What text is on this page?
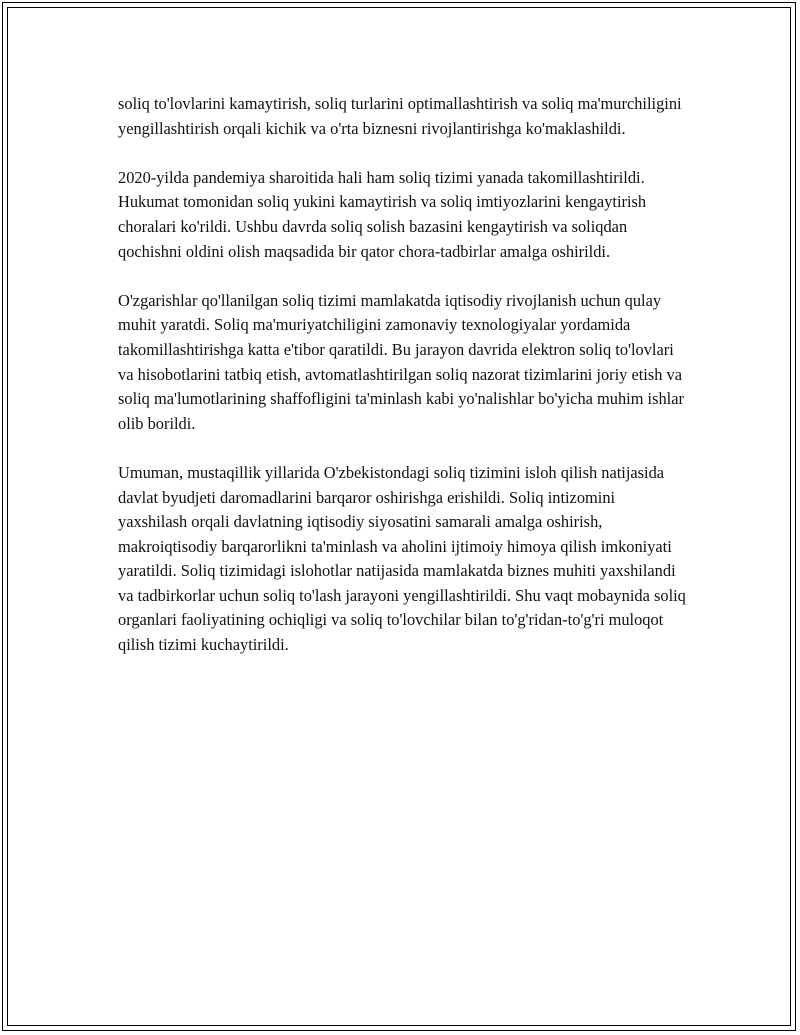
soliq to'lovlarini kamaytirish, soliq turlarini optimallashtirish va soliq ma'murchiligini yengillashtirish orqali kichik va o'rta biznesni rivojlantirishga ko'maklashildi.

2020-yilda pandemiya sharoitida hali ham soliq tizimi yanada takomillashtirildi. Hukumat tomonidan soliq yukini kamaytirish va soliq imtiyozlarini kengaytirish choralari ko'rildi. Ushbu davrda soliq solish bazasini kengaytirish va soliqdan qochishni oldini olish maqsadida bir qator chora-tadbirlar amalga oshirildi.

O'zgarishlar qo'llanilgan soliq tizimi mamlakatda iqtisodiy rivojlanish uchun qulay muhit yaratdi. Soliq ma'muriyatchiligini zamonaviy texnologiyalar yordamida takomillashtirishga katta e'tibor qaratildi. Bu jarayon davrida elektron soliq to'lovlari va hisobotlarini tatbiq etish, avtomatlashtirilgan soliq nazorat tizimlarini joriy etish va soliq ma'lumotlarining shaffofligini ta'minlash kabi yo'nalishlar bo'yicha muhim ishlar olib borildi.

Umuman, mustaqillik yillarida O'zbekistondagi soliq tizimini isloh qilish natijasida davlat byudjeti daromadlarini barqaror oshirishga erishildi. Soliq intizomini yaxshilash orqali davlatning iqtisodiy siyosatini samarali amalga oshirish, makroiqtisodiy barqarorlikni ta'minlash va aholini ijtimoiy himoya qilish imkoniyati yaratildi. Soliq tizimidagi islohotlar natijasida mamlakatda biznes muhiti yaxshilandi va tadbirkorlar uchun soliq to'lash jarayoni yengillashtirildi. Shu vaqt mobaynida soliq organlari faoliyatining ochiqligi va soliq to'lovchilar bilan to'g'ridan-to'g'ri muloqot qilish tizimi kuchaytirildi.
